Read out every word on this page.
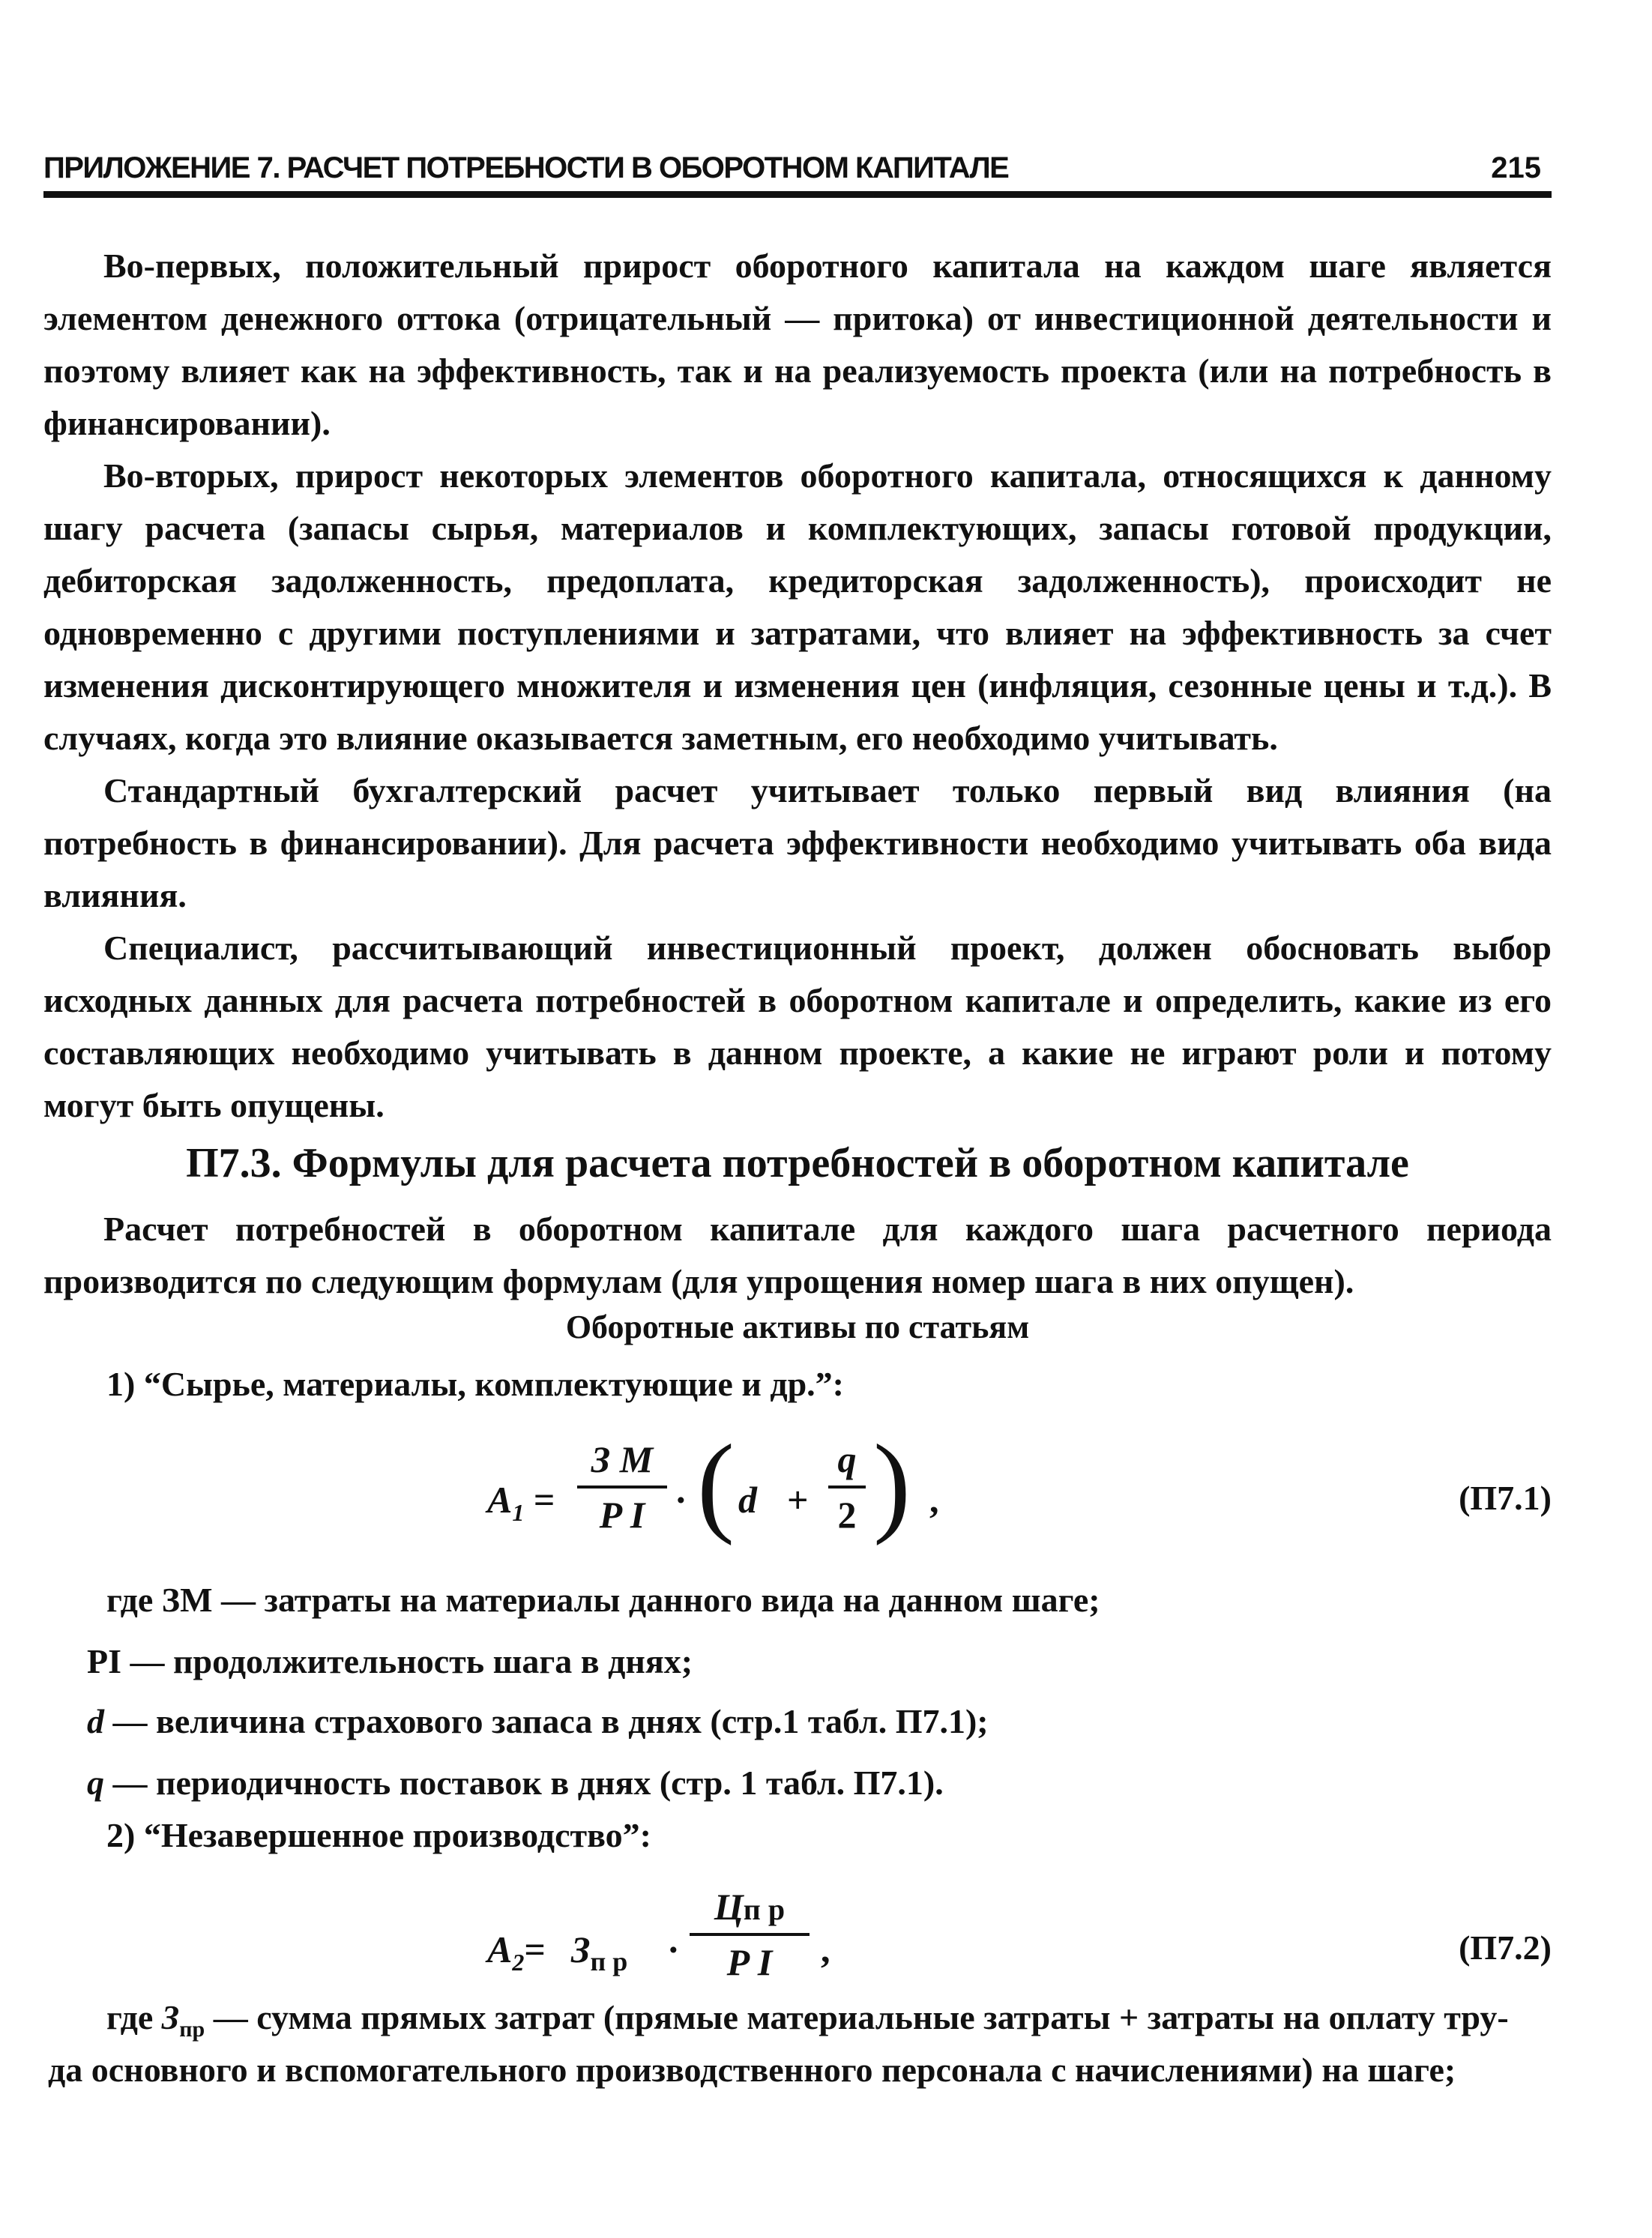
ПРИЛОЖЕНИЕ 7. РАСЧЕТ ПОТРЕБНОСТИ В ОБОРОТНОМ КАПИТАЛЕ	215

Во-первых, положительный прирост оборотного капитала на каждом шаге является элементом денежного оттока (отрицательный — притока) от инвестиционной деятельности и поэтому влияет как на эффективность, так и на реализуемость проекта (или на потребность в финансировании).

Во-вторых, прирост некоторых элементов оборотного капитала, относящихся к данному шагу расчета (запасы сырья, материалов и комплектующих, запасы готовой продукции, дебиторская задолженность, предоплата, кредиторская задолженность), происходит не одновременно с другими поступлениями и затратами, что влияет на эффективность за счет изменения дисконтирующего множителя и изменения цен (инфляция, сезонные цены и т.д.). В случаях, когда это влияние оказывается заметным, его необходимо учитывать.

Стандартный бухгалтерский расчет учитывает только первый вид влияния (на потребность в финансировании). Для расчета эффективности необходимо учитывать оба вида влияния.

Специалист, рассчитывающий инвестиционный проект, должен обосновать выбор исходных данных для расчета потребностей в оборотном капитале и определить, какие из его составляющих необходимо учитывать в данном проекте, а какие не играют роли и потому могут быть опущены.

П7.3. Формулы для расчета потребностей в оборотном капитале

Расчет потребностей в оборотном капитале для каждого шага расчетного периода производится по следующим формулам (для упрощения номер шага в них опущен).

Оборотные активы по статьям
1) “Сырье, материалы, комплектующие и др.”:
$A_1$ =
З М
P I · ( d +
q
2 ) ,	(П7.1)
где ЗМ — затраты на материалы данного вида на данном шаге;
PI — продолжительность шага в днях;
d — величина страхового запаса в днях (стр.1 табл. П7.1);
q — периодичность поставок в днях (стр. 1 табл. П7.1).
2) “Незавершенное производство”:
$A_2= З_{п р}$ ·
Цп р
P I	,	(П7.2)
где $З_{пр}$ — сумма прямых затрат (прямые материальные затраты + затраты на оплату тру-
да основного и вспомогательного производственного персонала с начислениями) на шаге;
